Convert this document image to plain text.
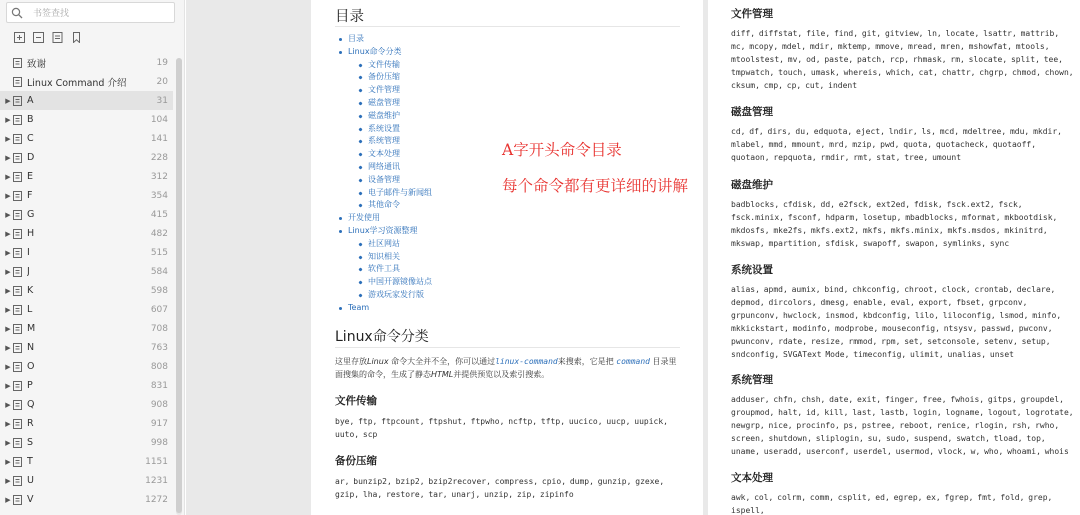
书签查找
致谢	19
Linux Command 介绍	20
▶ A	31
▶ B	104
▶ C	141
▶ D	228
▶ E	312
▶ F	354
▶ G	415
▶ H	482
▶ I	515
▶ J	584
▶ K	598
▶ L	607
▶ M	708
▶ N	763
▶ O	808
▶ P	831
▶ Q	908
▶ R	917
▶ S	998
▶ T	1151
▶ U	1231
▶ V	1272
目录
目录
Linux命令分类
文件传输
备份压缩
文件管理
磁盘管理
磁盘维护
系统设置
系统管理
文本处理
网络通讯
设备管理
电子邮件与新闻组
其他命令
开发使用
Linux学习资源整理
社区网站
知识相关
软件工具
中国开源镜像站点
游戏玩家发行版
Team
A字开头命令目录
每个命令都有更详细的讲解
Linux命令分类
这里存放Linux 命令大全并不全，你可以通过linux-command来搜索，它是把 command 目录里面搜集的命令，生成了静态HTML并提供预览以及索引搜索。
文件传输
bye, ftp, ftpcount, ftpshut, ftpwho, ncftp, tftp, uucico, uucp, uupick, uuto, scp
备份压缩
ar, bunzip2, bzip2, bzip2recover, compress, cpio, dump, gunzip, gzexe, gzip, lha, restore, tar, unarj, unzip, zip, zipinfo
文件管理
diff, diffstat, file, find, git, gitview, ln, locate, lsattr, mattrib, mc, mcopy, mdel, mdir, mktemp, mmove, mread, mren, mshowfat, mtools, mtoolstest, mv, od, paste, patch, rcp, rhmask, rm, slocate, split, tee, tmpwatch, touch, umask, whereis, which, cat, chattr, chgrp, chmod, chown, cksum, cmp, cp, cut, indent
磁盘管理
cd, df, dirs, du, edquota, eject, lndir, ls, mcd, mdeltree, mdu, mkdir, mlabel, mmd, mmount, mrd, mzip, pwd, quota, quotacheck, quotaoff, quotaon, repquota, rmdir, rmt, stat, tree, umount
磁盘维护
badblocks, cfdisk, dd, e2fsck, ext2ed, fdisk, fsck.ext2, fsck, fsck.minix, fsconf, hdparm, losetup, mbadblocks, mformat, mkbootdisk, mkdosfs, mke2fs, mkfs.ext2, mkfs, mkfs.minix, mkfs.msdos, mkinitrd, mkswap, mpartition, sfdisk, swapoff, swapon, symlinks, sync
系统设置
alias, apmd, aumix, bind, chkconfig, chroot, clock, crontab, declare, depmod, dircolors, dmesg, enable, eval, export, fbset, grpconv, grpunconv, hwclock, insmod, kbdconfig, lilo, liloconfig, lsmod, minfo, mkkickstart, modinfo, modprobe, mouseconfig, ntsysv, passwd, pwconv, pwunconv, rdate, resize, rmmod, rpm, set, setconsole, setenv, setup, sndconfig, SVGAText Mode, timeconfig, ulimit, unalias, unset
系统管理
adduser, chfn, chsh, date, exit, finger, free, fwhois, gitps, groupdel, groupmod, halt, id, kill, last, lastb, login, logname, logout, logrotate, newgrp, nice, procinfo, ps, pstree, reboot, renice, rlogin, rsh, rwho, screen, shutdown, sliplogin, su, sudo, suspend, swatch, tload, top, uname, useradd, userconf, userdel, usermod, vlock, w, who, whoami, whois
文本处理
awk, col, colrm, comm, csplit, ed, egrep, ex, fgrep, fmt, fold, grep, ispell,
